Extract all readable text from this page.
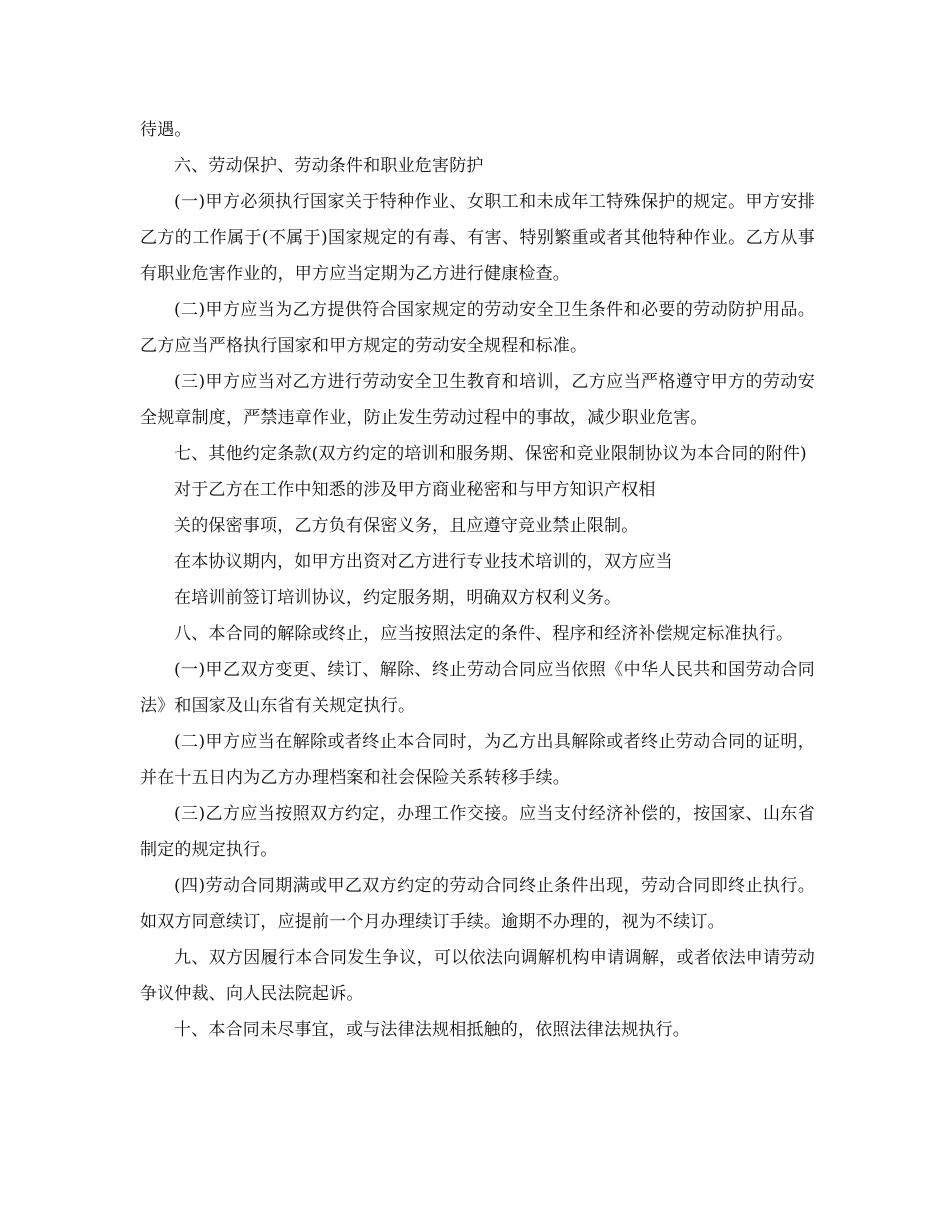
待遇。

六、劳动保护、劳动条件和职业危害防护

(一)甲方必须执行国家关于特种作业、女职工和未成年工特殊保护的规定。甲方安排乙方的工作属于(不属于)国家规定的有毒、有害、特别繁重或者其他特种作业。乙方从事有职业危害作业的，甲方应当定期为乙方进行健康检查。

(二)甲方应当为乙方提供符合国家规定的劳动安全卫生条件和必要的劳动防护用品。乙方应当严格执行国家和甲方规定的劳动安全规程和标准。

(三)甲方应当对乙方进行劳动安全卫生教育和培训，乙方应当严格遵守甲方的劳动安全规章制度，严禁违章作业，防止发生劳动过程中的事故，减少职业危害。

七、其他约定条款(双方约定的培训和服务期、保密和竞业限制协议为本合同的附件)

对于乙方在工作中知悉的涉及甲方商业秘密和与甲方知识产权相

关的保密事项，乙方负有保密义务，且应遵守竞业禁止限制。

在本协议期内，如甲方出资对乙方进行专业技术培训的，双方应当

在培训前签订培训协议，约定服务期，明确双方权利义务。

八、本合同的解除或终止，应当按照法定的条件、程序和经济补偿规定标准执行。

(一)甲乙双方变更、续订、解除、终止劳动合同应当依照《中华人民共和国劳动合同法》和国家及山东省有关规定执行。

(二)甲方应当在解除或者终止本合同时，为乙方出具解除或者终止劳动合同的证明，并在十五日内为乙方办理档案和社会保险关系转移手续。

(三)乙方应当按照双方约定，办理工作交接。应当支付经济补偿的，按国家、山东省制定的规定执行。

(四)劳动合同期满或甲乙双方约定的劳动合同终止条件出现，劳动合同即终止执行。如双方同意续订，应提前一个月办理续订手续。逾期不办理的，视为不续订。

九、双方因履行本合同发生争议，可以依法向调解机构申请调解，或者依法申请劳动争议仲裁、向人民法院起诉。

十、本合同未尽事宜，或与法律法规相抵触的，依照法律法规执行。
